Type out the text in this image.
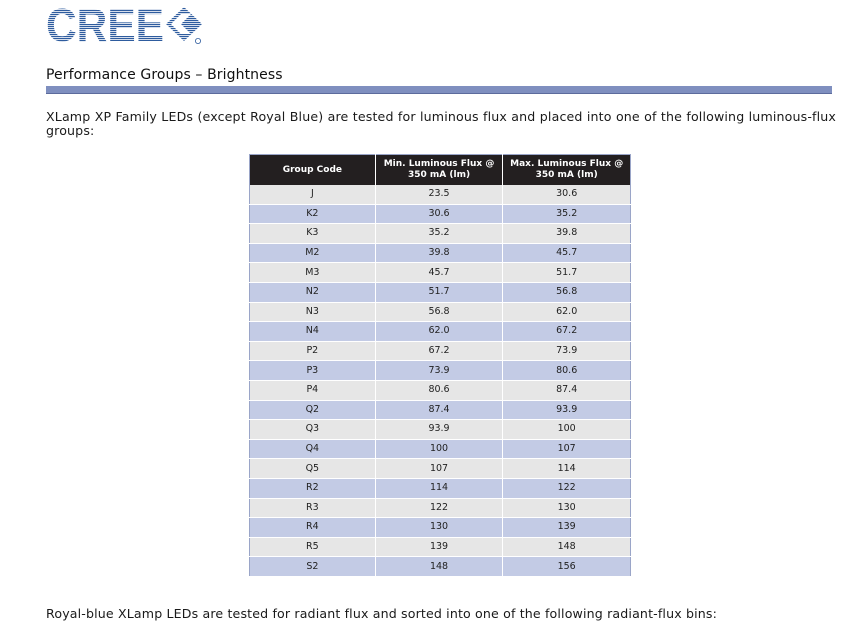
CREE
Performance Groups – Brightness
XLamp XP Family LEDs (except Royal Blue) are tested for luminous flux and placed into one of the following luminous-flux groups:
Group Code	Min. Luminous Flux @ 350 mA (lm)	Max. Luminous Flux @ 350 mA (lm)
J	23.5	30.6
K2	30.6	35.2
K3	35.2	39.8
M2	39.8	45.7
M3	45.7	51.7
N2	51.7	56.8
N3	56.8	62.0
N4	62.0	67.2
P2	67.2	73.9
P3	73.9	80.6
P4	80.6	87.4
Q2	87.4	93.9
Q3	93.9	100
Q4	100	107
Q5	107	114
R2	114	122
R3	122	130
R4	130	139
R5	139	148
S2	148	156
Royal-blue XLamp LEDs are tested for radiant flux and sorted into one of the following radiant-flux bins:
